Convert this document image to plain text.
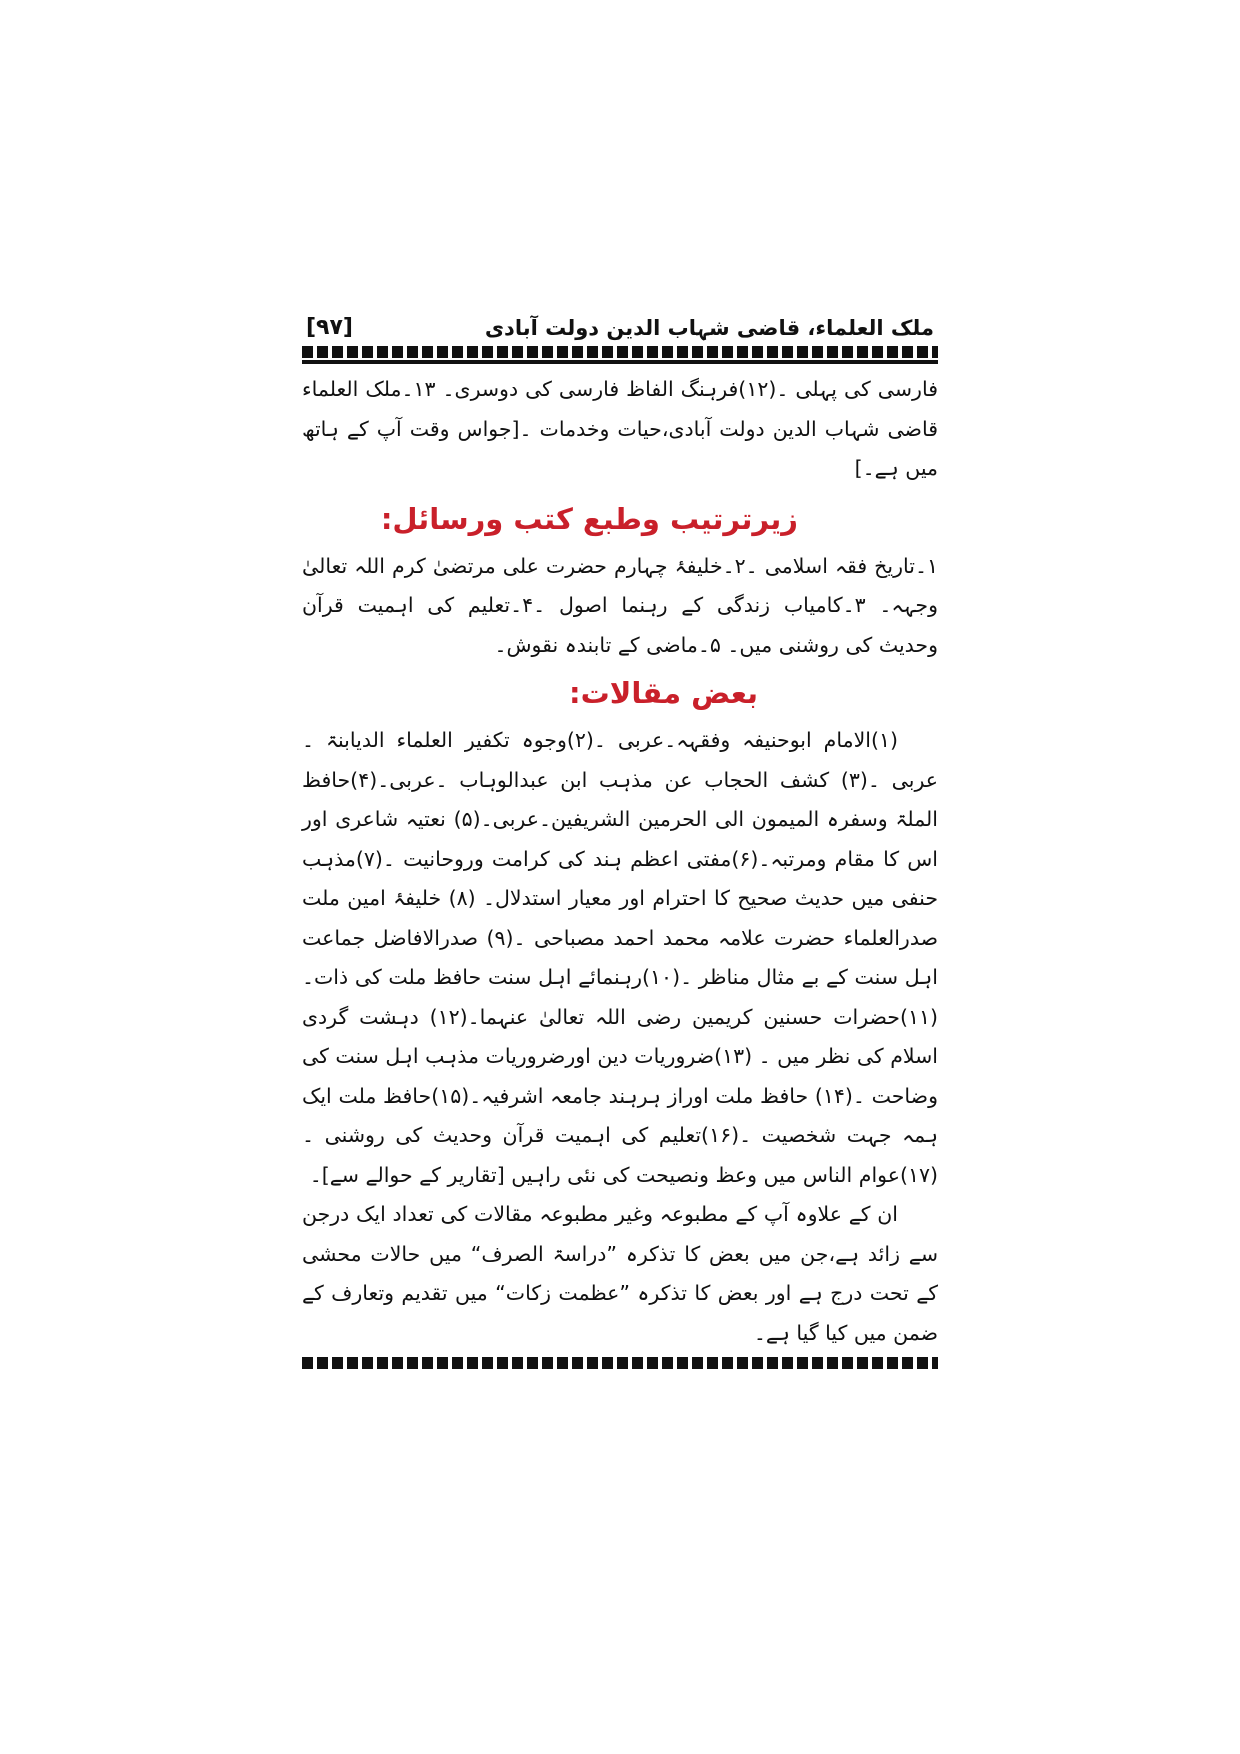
ملک العلماء، قاضی شہاب الدین دولت آبادی
[۹۷]

فارسی کی پہلی ۔(۱۲)فرہنگ الفاظ فارسی کی دوسری۔ ۱۳۔ملک العلماء قاضی شہاب الدین دولت آبادی،حیات وخدمات ۔[جواس وقت آپ کے ہاتھ میں ہے۔]

زیرترتیب وطبع کتب ورسائل:

۱۔تاریخ فقہ اسلامی ۔۲۔خلیفۂ چہارم حضرت علی مرتضیٰ کرم اللہ تعالیٰ وجہہ۔ ۳۔کامیاب زندگی کے رہنما اصول ۔۴۔تعلیم کی اہمیت قرآن وحدیث کی روشنی میں۔ ۵۔ماضی کے تابندہ نقوش۔

بعض مقالات:

(۱)الامام ابوحنیفہ وفقہہ۔عربی ۔(۲)وجوہ تکفیر العلماء الدیابنۃ ۔عربی ۔(۳) کشف الحجاب عن مذہب ابن عبدالوہاب ۔عربی۔(۴)حافظ الملۃ وسفرہ المیمون الی الحرمین الشریفین۔عربی۔(۵) نعتیہ شاعری اور اس کا مقام ومرتبہ۔(۶)مفتی اعظم ہند کی کرامت وروحانیت ۔(۷)مذہب حنفی میں حدیث صحیح کا احترام اور معیار استدلال۔ (۸) خلیفۂ امین ملت صدرالعلماء حضرت علامہ محمد احمد مصباحی ۔(۹) صدرالافاضل جماعت اہل سنت کے بے مثال مناظر ۔(۱۰)رہنمائے اہل سنت حافظ ملت کی ذات۔ (۱۱)حضرات حسنین کریمین رضی اللہ تعالیٰ عنہما۔(۱۲) دہشت گردی اسلام کی نظر میں ۔ (۱۳)ضروریات دین اورضروریات مذہب اہل سنت کی وضاحت ۔(۱۴) حافظ ملت اوراز ہرہند جامعہ اشرفیہ۔(۱۵)حافظ ملت ایک ہمہ جہت شخصیت ۔(۱۶)تعلیم کی اہمیت قرآن وحدیث کی روشنی ۔(۱۷)عوام الناس میں وعظ ونصیحت کی نئی راہیں [تقاریر کے حوالے سے]۔

ان کے علاوہ آپ کے مطبوعہ وغیر مطبوعہ مقالات کی تعداد ایک درجن سے زائد ہے،جن میں بعض کا تذکرہ ”دراسۃ الصرف“ میں حالات محشی کے تحت درج ہے اور بعض کا تذکرہ ”عظمت زکات“ میں تقدیم وتعارف کے ضمن میں کیا گیا ہے۔
